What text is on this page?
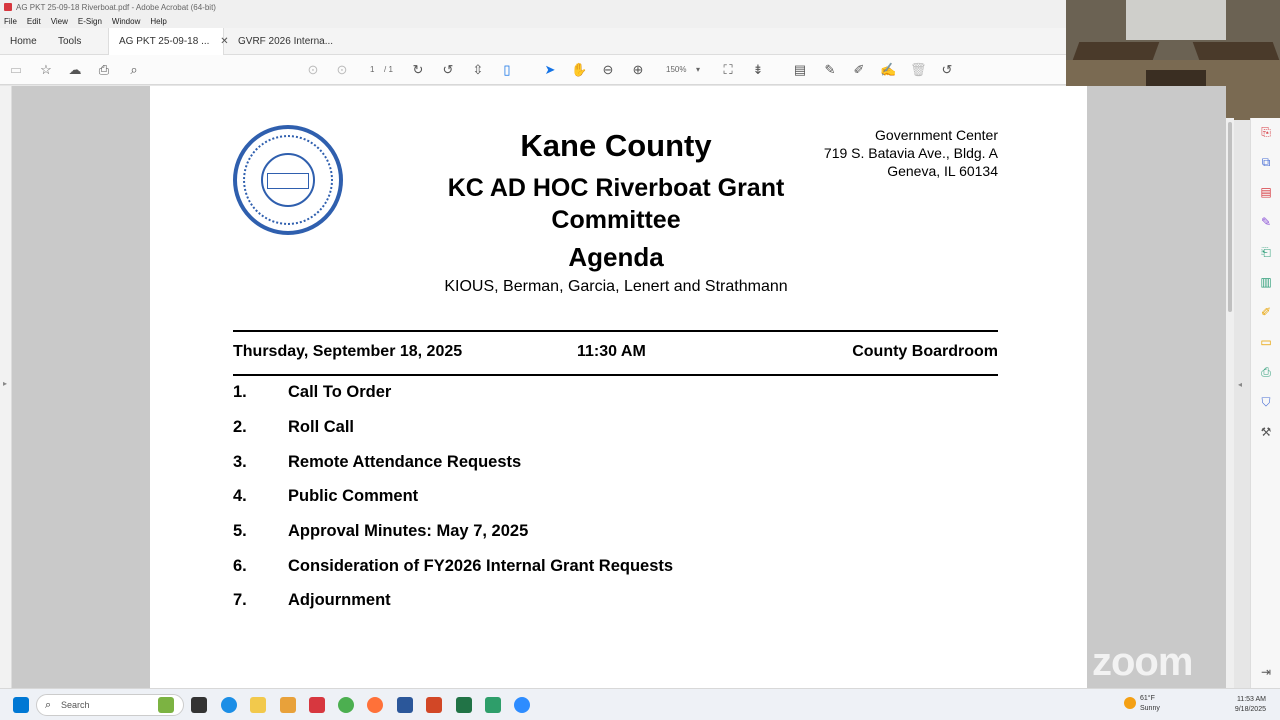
AG PKT 25-09-18 Riverboat.pdf - Adobe Acrobat (64-bit)
File Edit View E-Sign Window Help
Home	Tools	AG PKT 25-09-18 ... ✕ GVRF 2026 Interna...
▭ ☆ ☁ ⎙	⌕	⊙ ⊙	1 / 1 ↻ ↺ ⇳	▯	➤ ✋ ⊖ ⊕	150% ▾ ⛶ ⇟ ▤ ✎ ✐ ✍ 🗑 ↺
▸
Kane County
KC AD HOC Riverboat Grant Committee
Agenda
KIOUS, Berman, Garcia, Lenert and Strathmann
Government Center
719 S. Batavia Ave., Bldg. A
Geneva, IL 60134
Thursday, September 18, 2025	11:30 AM	County Boardroom
1. Call To Order
2. Roll Call
3. Remote Attendance Requests
4. Public Comment
5. Approval Minutes: May 7, 2025
6. Consideration of FY2026 Internal Grant Requests
7. Adjournment
◂
⎘
⧉
▤
✎
⎗
▥
✐
▭
⎙
⛉
⚒
⇥
zoom
⌕ Search
61°F
Sunny
11:53 AM
9/18/2025
